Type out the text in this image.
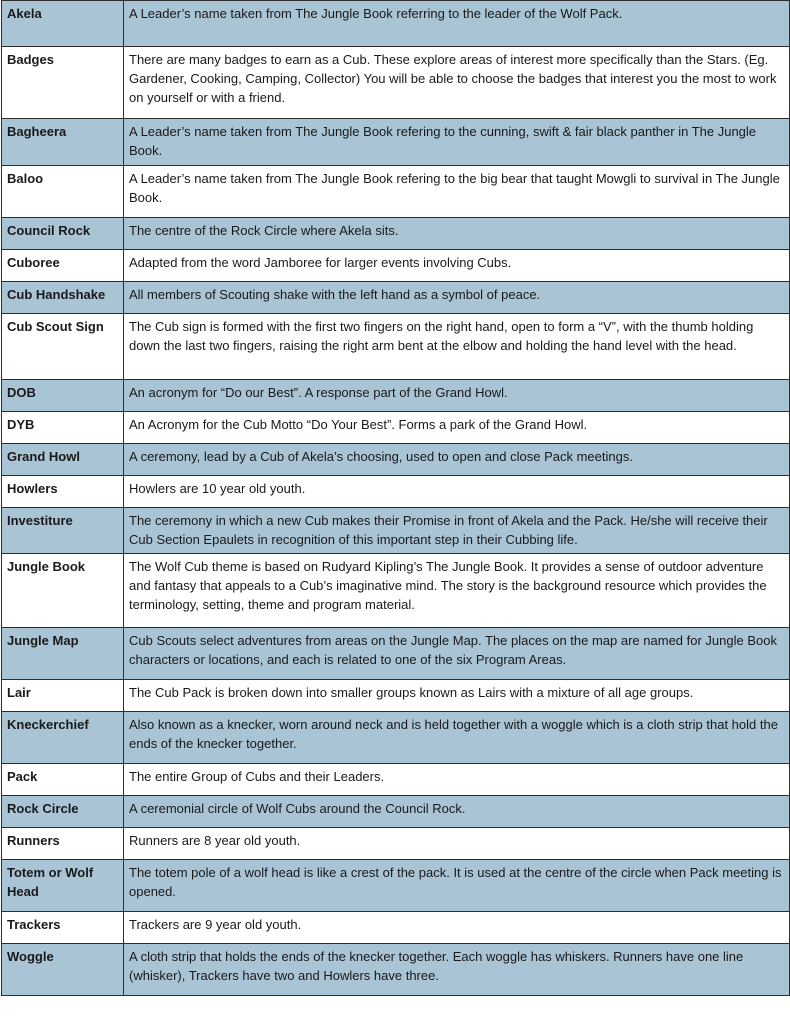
Akela	A Leader’s name taken from The Jungle Book referring to the leader of the Wolf Pack.
Badges	There are many badges to earn as a Cub. These explore areas of interest more specifically than the Stars. (Eg. Gardener, Cooking, Camping, Collector) You will be able to choose the badges that interest you the most to work on yourself or with a friend.
Bagheera	A Leader’s name taken from The Jungle Book refering to the cunning, swift & fair black panther in The Jungle Book.
Baloo	A Leader’s name taken from The Jungle Book refering to the big bear that taught Mowgli to survival in The Jungle Book.
Council Rock	The centre of the Rock Circle where Akela sits.
Cuboree	Adapted from the word Jamboree for larger events involving Cubs.
Cub Handshake	All members of Scouting shake with the left hand as a symbol of peace.
Cub Scout Sign	The Cub sign is formed with the first two fingers on the right hand, open to form a “V”, with the thumb holding down the last two fingers, raising the right arm bent at the elbow and holding the hand level with the head.
DOB	An acronym for “Do our Best”. A response part of the Grand Howl.
DYB	An Acronym for the Cub Motto “Do Your Best”. Forms a park of the Grand Howl.
Grand Howl	A ceremony, lead by a Cub of Akela’s choosing, used to open and close Pack meetings.
Howlers	Howlers are 10 year old youth.
Investiture	The ceremony in which a new Cub makes their Promise in front of Akela and the Pack. He/she will receive their Cub Section Epaulets in recognition of this important step in their Cubbing life.
Jungle Book	The Wolf Cub theme is based on Rudyard Kipling’s The Jungle Book. It provides a sense of outdoor adventure and fantasy that appeals to a Cub’s imaginative mind. The story is the background resource which provides the terminology, setting, theme and program material.
Jungle Map	Cub Scouts select adventures from areas on the Jungle Map. The places on the map are named for Jungle Book characters or locations, and each is related to one of the six Program Areas.
Lair	The Cub Pack is broken down into smaller groups known as Lairs with a mixture of all age groups.
Kneckerchief	Also known as a knecker, worn around neck and is held together with a woggle which is a cloth strip that hold the ends of the knecker together.
Pack	The entire Group of Cubs and their Leaders.
Rock Circle	A ceremonial circle of Wolf Cubs around the Council Rock.
Runners	Runners are 8 year old youth.
Totem or Wolf Head	The totem pole of a wolf head is like a crest of the pack. It is used at the centre of the circle when Pack meeting is opened.
Trackers	Trackers are 9 year old youth.
Woggle	A cloth strip that holds the ends of the knecker together. Each woggle has whiskers. Runners have one line (whisker), Trackers have two and Howlers have three.
